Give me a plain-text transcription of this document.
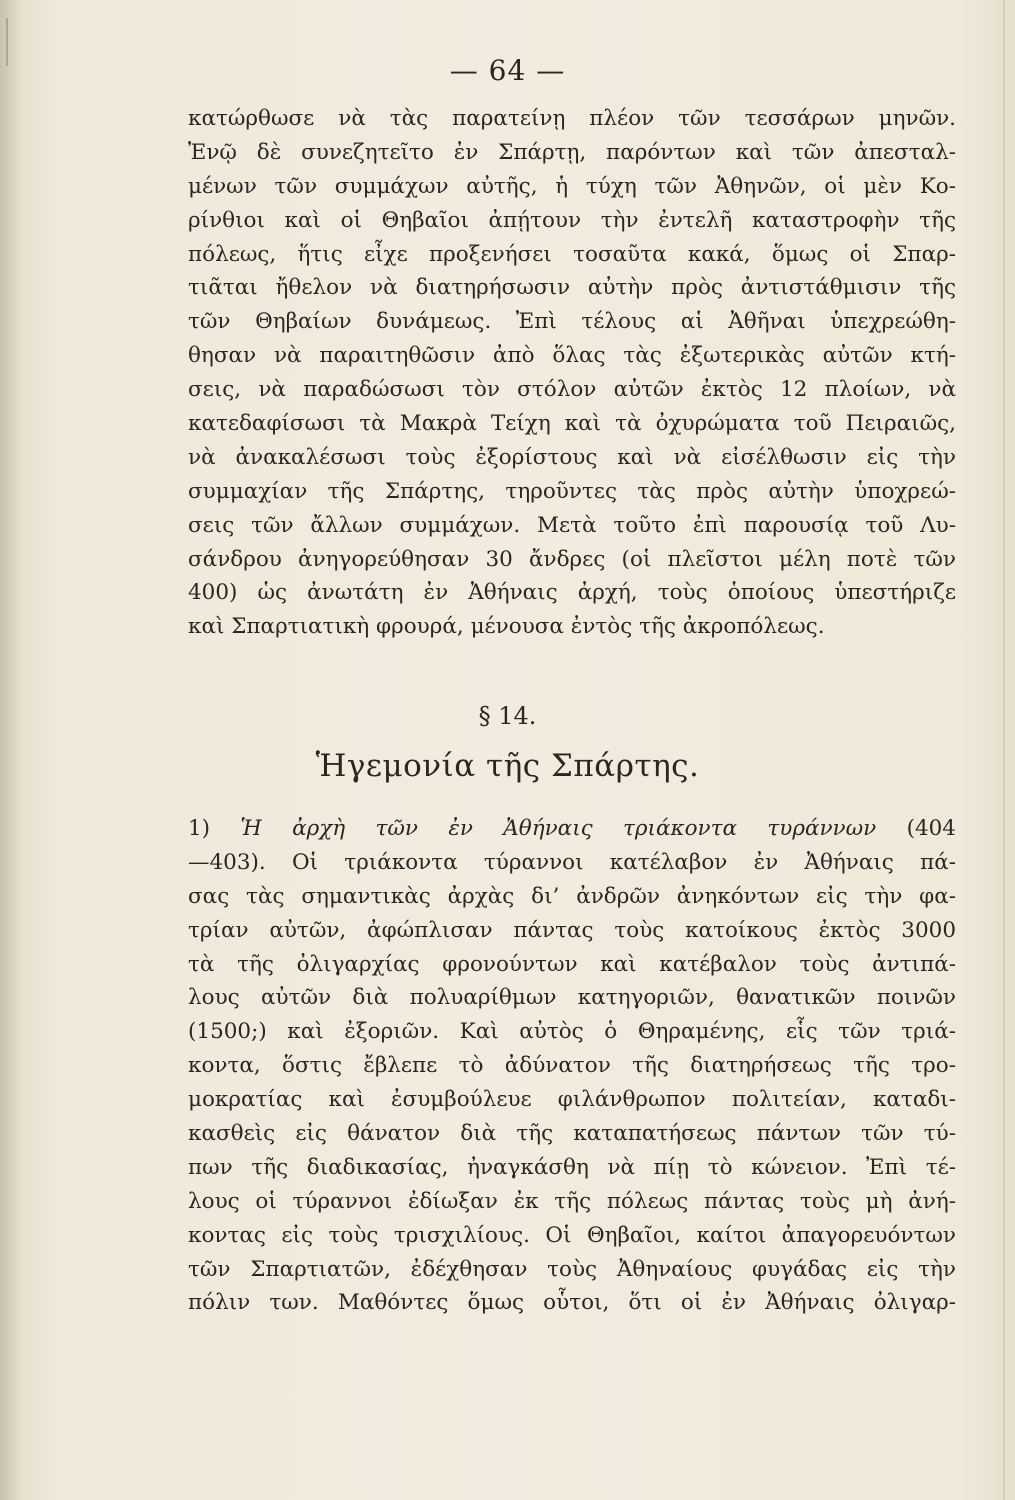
— 64 —
κατώρθωσε νὰ τὰς παρατείνῃ πλέον τῶν τεσσάρων μηνῶν.
Ἐνῷ δὲ συνεζητεῖτο ἐν Σπάρτῃ, παρόντων καὶ τῶν ἀπεσταλ-
μένων τῶν συμμάχων αὐτῆς, ἡ τύχη τῶν Ἀθηνῶν, οἱ μὲν Κο-
ρίνθιοι καὶ οἱ Θηβαῖοι ἀπῄτουν τὴν ἐντελῆ καταστροφὴν τῆς
πόλεως, ἥτις εἶχε προξενήσει τοσαῦτα κακά, ὅμως οἱ Σπαρ-
τιᾶται ἤθελον νὰ διατηρήσωσιν αὐτὴν πρὸς ἀντιστάθμισιν τῆς
τῶν Θηβαίων δυνάμεως. Ἐπὶ τέλους αἱ Ἀθῆναι ὑπεχρεώθη-
θησαν νὰ παραιτηθῶσιν ἀπὸ ὅλας τὰς ἐξωτερικὰς αὐτῶν κτή-
σεις, νὰ παραδώσωσι τὸν στόλον αὐτῶν ἐκτὸς 12 πλοίων, νὰ
κατεδαφίσωσι τὰ Μακρὰ Τείχη καὶ τὰ ὀχυρώματα τοῦ Πειραιῶς,
νὰ ἀνακαλέσωσι τοὺς ἐξορίστους καὶ νὰ εἰσέλθωσιν εἰς τὴν
συμμαχίαν τῆς Σπάρτης, τηροῦντες τὰς πρὸς αὐτὴν ὑποχρεώ-
σεις τῶν ἄλλων συμμάχων. Μετὰ τοῦτο ἐπὶ παρουσίᾳ τοῦ Λυ-
σάνδρου ἀνηγορεύθησαν 30 ἄνδρες (οἱ πλεῖστοι μέλη ποτὲ τῶν
400) ὡς ἀνωτάτη ἐν Ἀθήναις ἀρχή, τοὺς ὁποίους ὑπεστήριζε
καὶ Σπαρτιατικὴ φρουρά, μένουσα ἐντὸς τῆς ἀκροπόλεως.
§ 14.
Ἡγεμονία τῆς Σπάρτης.
1) Ἡ ἀρχὴ τῶν ἐν Ἀθήναις τριάκοντα τυράννων (404
—403). Οἱ τριάκοντα τύραννοι κατέλαβον ἐν Ἀθήναις πά-
σας τὰς σημαντικὰς ἀρχὰς δι’ ἀνδρῶν ἀνηκόντων εἰς τὴν φα-
τρίαν αὐτῶν, ἀφώπλισαν πάντας τοὺς κατοίκους ἐκτὸς 3000
τὰ τῆς ὀλιγαρχίας φρονούντων καὶ κατέβαλον τοὺς ἀντιπά-
λους αὐτῶν διὰ πολυαρίθμων κατηγοριῶν, θανατικῶν ποινῶν
(1500;) καὶ ἐξοριῶν. Καὶ αὐτὸς ὁ Θηραμένης, εἷς τῶν τριά-
κοντα, ὅστις ἔβλεπε τὸ ἀδύνατον τῆς διατηρήσεως τῆς τρο-
μοκρατίας καὶ ἐσυμβούλευε φιλάνθρωπον πολιτείαν, καταδι-
κασθεὶς εἰς θάνατον διὰ τῆς καταπατήσεως πάντων τῶν τύ-
πων τῆς διαδικασίας, ἠναγκάσθη νὰ πίῃ τὸ κώνειον. Ἐπὶ τέ-
λους οἱ τύραννοι ἐδίωξαν ἐκ τῆς πόλεως πάντας τοὺς μὴ ἀνή-
κοντας εἰς τοὺς τρισχιλίους. Οἱ Θηβαῖοι, καίτοι ἀπαγορευόντων
τῶν Σπαρτιατῶν, ἐδέχθησαν τοὺς Ἀθηναίους φυγάδας εἰς τὴν
πόλιν των. Μαθόντες ὅμως οὗτοι, ὅτι οἱ ἐν Ἀθήναις ὀλιγαρ-
